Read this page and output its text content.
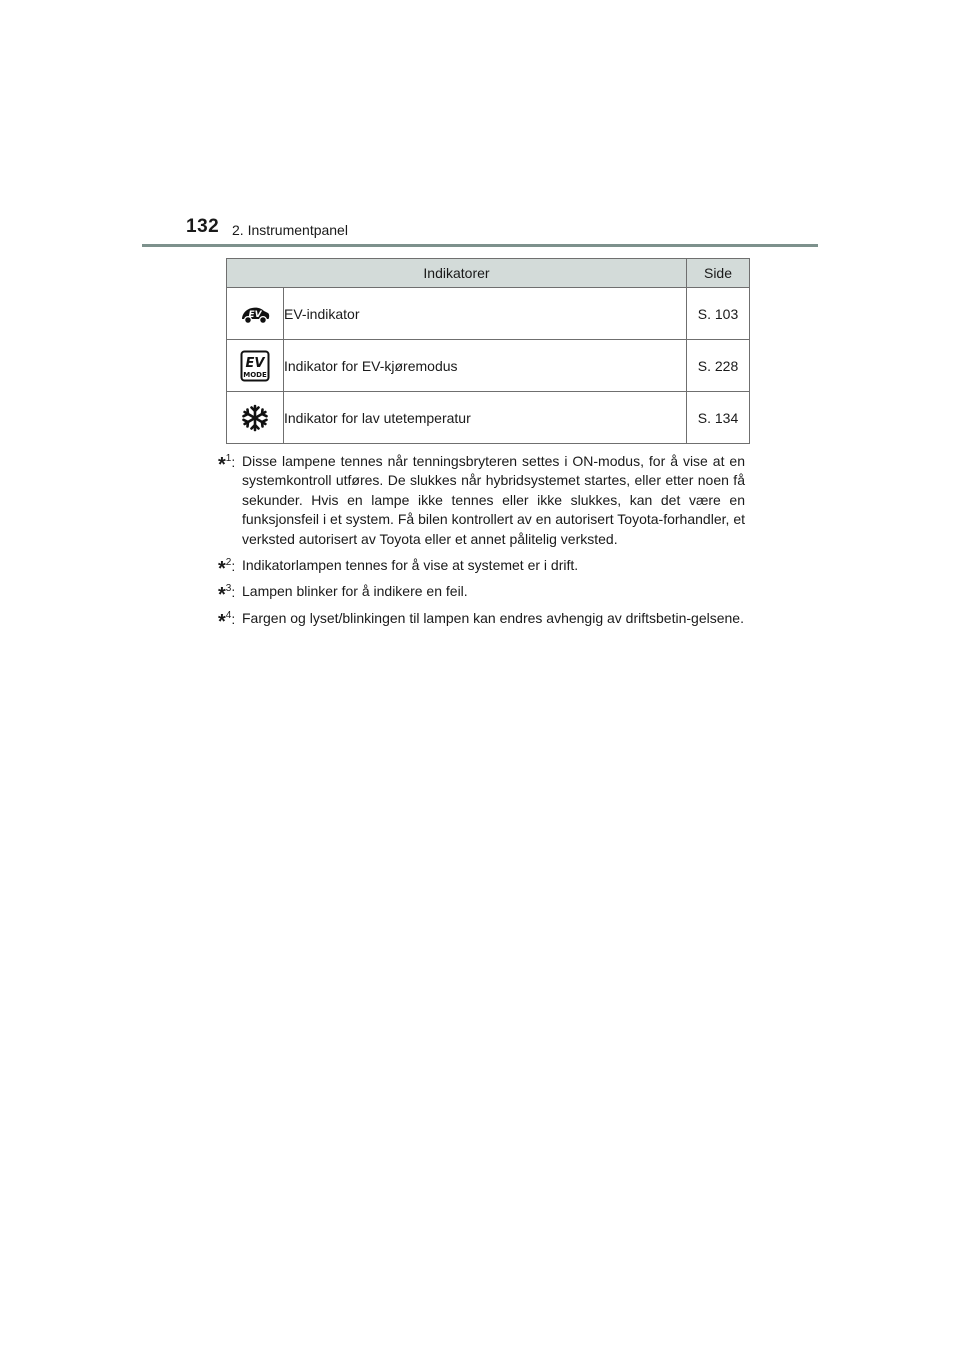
132 2. Instrumentpanel
Indikatorer		Side

EV	EV-indikator	S. 103

EV
MODE	Indikator for EV-kjøremodus	S. 228

	Indikator for lav utetemperatur	S. 134
*$^1$: Disse lampene tennes når tenningsbryteren settes i ON-modus, for å vise at en systemkontroll utføres. De slukkes når hybridsystemet startes, eller etter noen få sekunder. Hvis en lampe ikke tennes eller ikke slukkes, kan det være en funksjonsfeil i et system. Få bilen kontrollert av en autorisert Toyota-forhandler, et verksted autorisert av Toyota eller et annet pålitelig verksted.
*$^2$: Indikatorlampen tennes for å vise at systemet er i drift.
*$^3$: Lampen blinker for å indikere en feil.
*$^4$: Fargen og lyset/blinkingen til lampen kan endres avhengig av driftsbetin-gelsene.
